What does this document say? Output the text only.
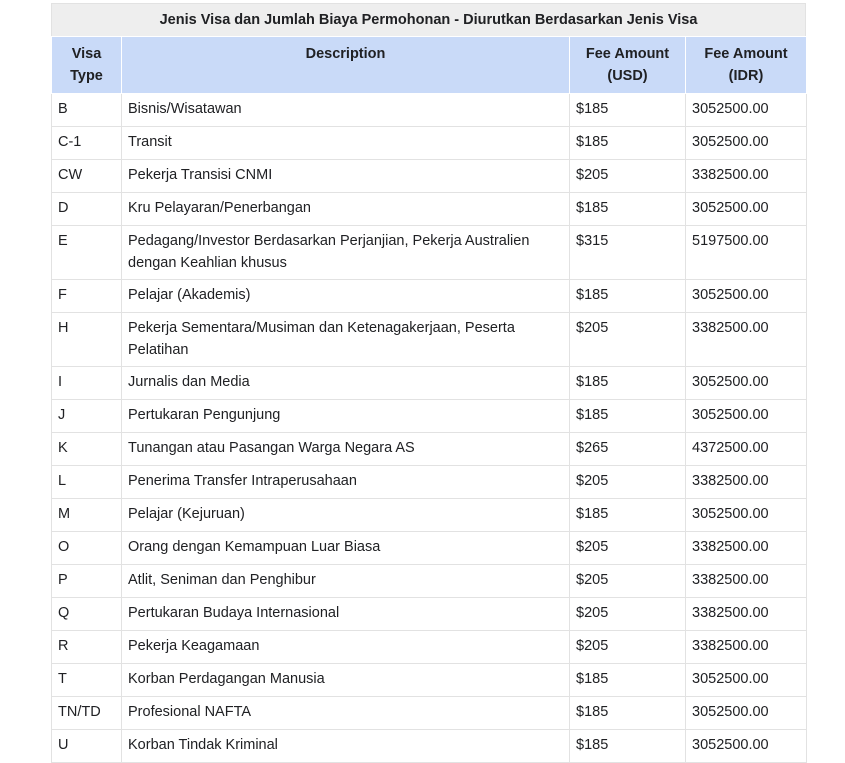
Jenis Visa dan Jumlah Biaya Permohonan - Diurutkan Berdasarkan Jenis Visa
Visa Type	Description	Fee Amount (USD)	Fee Amount (IDR)
B	Bisnis/Wisatawan	$185	3052500.00
C-1	Transit	$185	3052500.00
CW	Pekerja Transisi CNMI	$205	3382500.00
D	Kru Pelayaran/Penerbangan	$185	3052500.00
E	Pedagang/Investor Berdasarkan Perjanjian, Pekerja Australien dengan Keahlian khusus	$315	5197500.00
F	Pelajar (Akademis)	$185	3052500.00
H	Pekerja Sementara/Musiman dan Ketenagakerjaan, Peserta Pelatihan	$205	3382500.00
I	Jurnalis dan Media	$185	3052500.00
J	Pertukaran Pengunjung	$185	3052500.00
K	Tunangan atau Pasangan Warga Negara AS	$265	4372500.00
L	Penerima Transfer Intraperusahaan	$205	3382500.00
M	Pelajar (Kejuruan)	$185	3052500.00
O	Orang dengan Kemampuan Luar Biasa	$205	3382500.00
P	Atlit, Seniman dan Penghibur	$205	3382500.00
Q	Pertukaran Budaya Internasional	$205	3382500.00
R	Pekerja Keagamaan	$205	3382500.00
T	Korban Perdagangan Manusia	$185	3052500.00
TN/TD	Profesional NAFTA	$185	3052500.00
U	Korban Tindak Kriminal	$185	3052500.00
